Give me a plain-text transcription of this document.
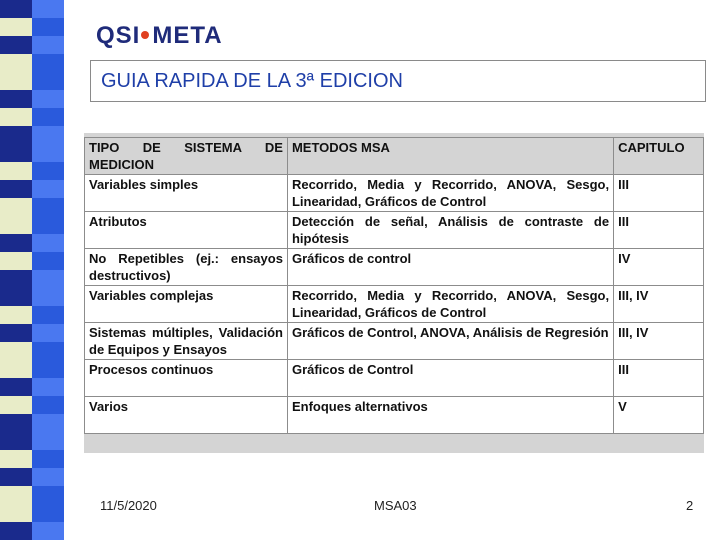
QSI META
GUIA RAPIDA DE LA 3ª EDICION
TIPO DE SISTEMA DE MEDICION	METODOS MSA	CAPITULO
Variables simples	Recorrido, Media y Recorrido, ANOVA, Sesgo, Linearidad, Gráficos de Control	III
Atributos	Detección de señal, Análisis de contraste de hipótesis	III
No Repetibles (ej.: ensayos destructivos)	Gráficos de control	IV
Variables complejas	Recorrido, Media y Recorrido, ANOVA, Sesgo, Linearidad, Gráficos de Control	III, IV
Sistemas múltiples, Validación de Equipos y Ensayos	Gráficos de Control, ANOVA, Análisis de Regresión	III, IV
Procesos continuos	Gráficos de Control	III
Varios	Enfoques alternativos	V
11/5/2020	MSA03	2
